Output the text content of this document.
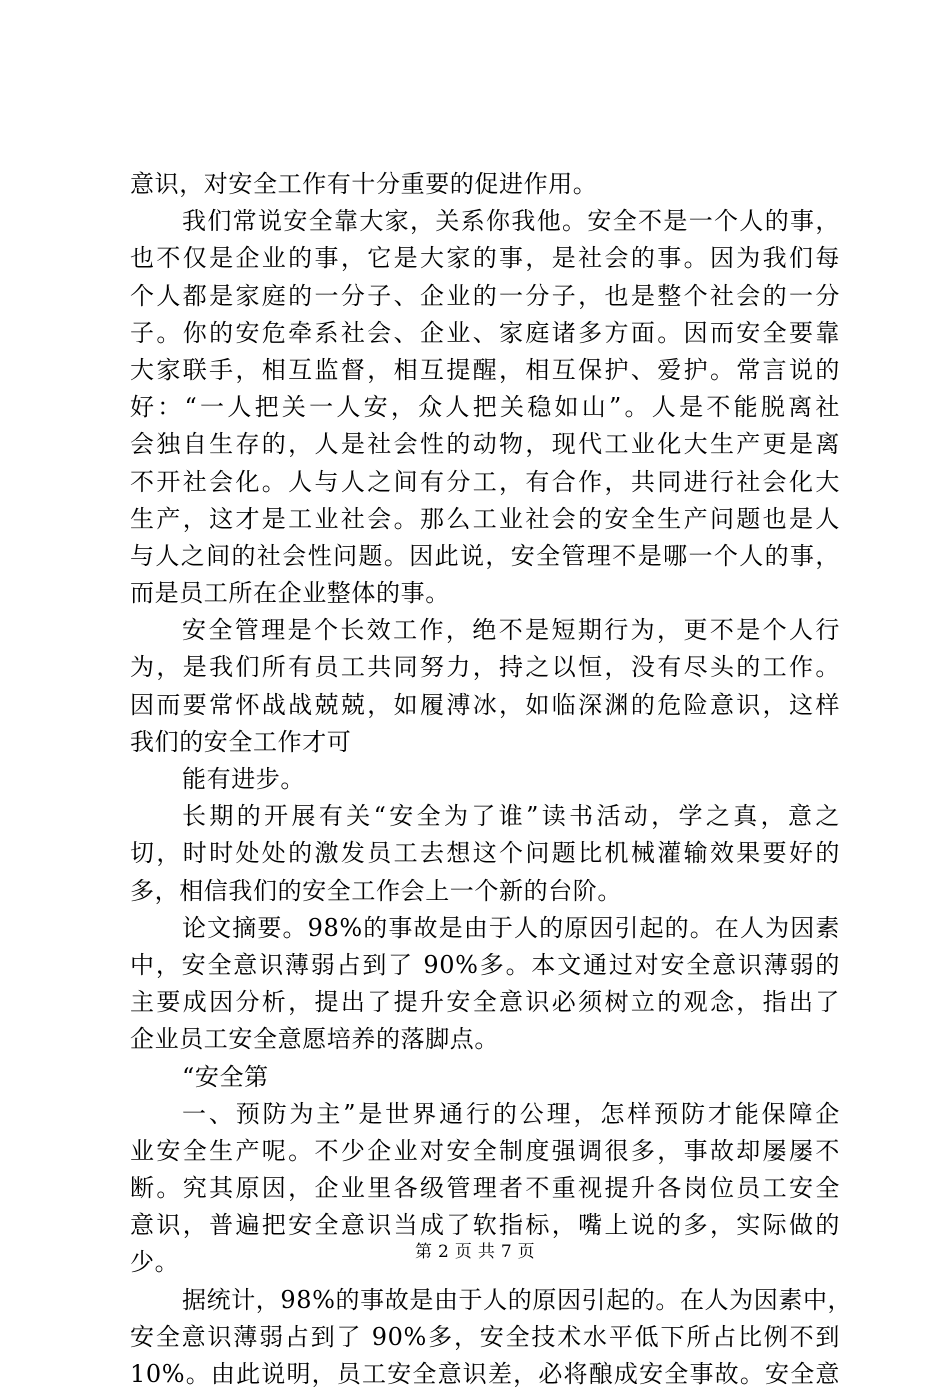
意识，对安全工作有十分重要的促进作用。
我们常说安全靠大家，关系你我他。安全不是一个人的事，
也不仅是企业的事，它是大家的事，是社会的事。因为我们每
个人都是家庭的一分子、企业的一分子，也是整个社会的一分
子。你的安危牵系社会、企业、家庭诸多方面。因而安全要靠
大家联手，相互监督，相互提醒，相互保护、爱护。常言说的
好：“一人把关一人安，众人把关稳如山”。人是不能脱离社
会独自生存的，人是社会性的动物，现代工业化大生产更是离
不开社会化。人与人之间有分工，有合作，共同进行社会化大
生产，这才是工业社会。那么工业社会的安全生产问题也是人
与人之间的社会性问题。因此说，安全管理不是哪一个人的事，
而是员工所在企业整体的事。
安全管理是个长效工作，绝不是短期行为，更不是个人行
为，是我们所有员工共同努力，持之以恒，没有尽头的工作。
因而要常怀战战兢兢，如履溥冰，如临深渊的危险意识，这样
我们的安全工作才可
能有进步。
长期的开展有关“安全为了谁”读书活动，学之真，意之
切，时时处处的激发员工去想这个问题比机械灌输效果要好的
多，相信我们的安全工作会上一个新的台阶。
论文摘要。98%的事故是由于人的原因引起的。在人为因素
中，安全意识薄弱占到了 90%多。本文通过对安全意识薄弱的
主要成因分析，提出了提升安全意识必须树立的观念，指出了
企业员工安全意愿培养的落脚点。
“安全第
一、预防为主”是世界通行的公理，怎样预防才能保障企
业安全生产呢。不少企业对安全制度强调很多，事故却屡屡不
断。究其原因，企业里各级管理者不重视提升各岗位员工安全
意识，普遍把安全意识当成了软指标，嘴上说的多，实际做的
少。
据统计，98%的事故是由于人的原因引起的。在人为因素中，
安全意识薄弱占到了 90%多，安全技术水平低下所占比例不到
10%。由此说明，员工安全意识差，必将酿成安全事故。安全意
第 2 页 共 7 页
